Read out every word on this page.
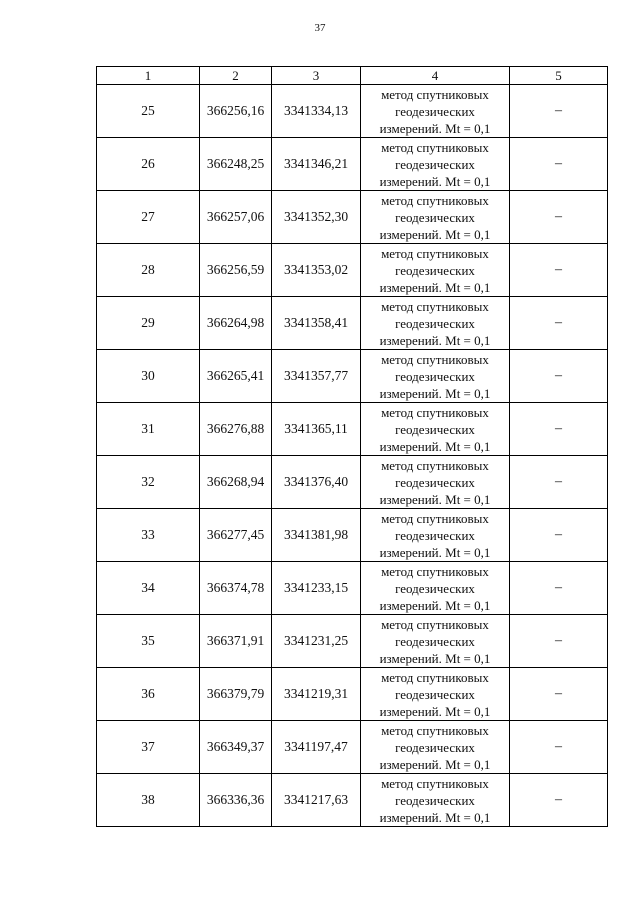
37
1	2	3	4	5
25	366256,16	3341334,13	метод спутниковых
геодезических
измерений. Mt = 0,1	–
26	366248,25	3341346,21	метод спутниковых
геодезических
измерений. Mt = 0,1	–
27	366257,06	3341352,30	метод спутниковых
геодезических
измерений. Mt = 0,1	–
28	366256,59	3341353,02	метод спутниковых
геодезических
измерений. Mt = 0,1	–
29	366264,98	3341358,41	метод спутниковых
геодезических
измерений. Mt = 0,1	–
30	366265,41	3341357,77	метод спутниковых
геодезических
измерений. Mt = 0,1	–
31	366276,88	3341365,11	метод спутниковых
геодезических
измерений. Mt = 0,1	–
32	366268,94	3341376,40	метод спутниковых
геодезических
измерений. Mt = 0,1	–
33	366277,45	3341381,98	метод спутниковых
геодезических
измерений. Mt = 0,1	–
34	366374,78	3341233,15	метод спутниковых
геодезических
измерений. Mt = 0,1	–
35	366371,91	3341231,25	метод спутниковых
геодезических
измерений. Mt = 0,1	–
36	366379,79	3341219,31	метод спутниковых
геодезических
измерений. Mt = 0,1	–
37	366349,37	3341197,47	метод спутниковых
геодезических
измерений. Mt = 0,1	–
38	366336,36	3341217,63	метод спутниковых
геодезических
измерений. Mt = 0,1	–
